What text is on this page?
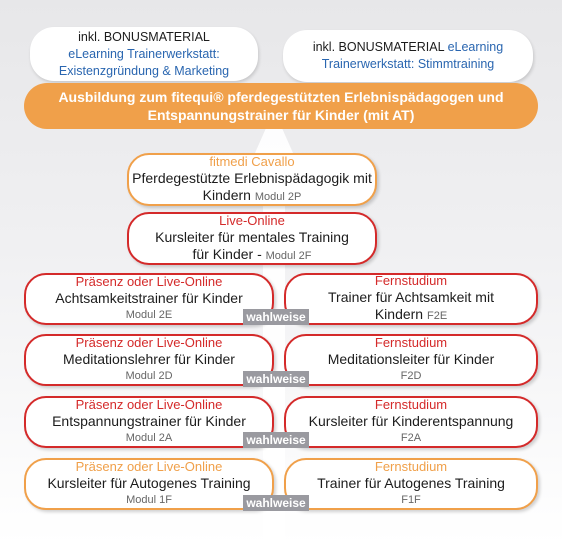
inkl. BONUSMATERIAL
eLearning Trainerwerkstatt:
Existenzgründung & Marketing
inkl. BONUSMATERIAL eLearning
Trainerwerkstatt: Stimmtraining
Ausbildung zum fitequi® pferdegestützten Erlebnispädagogen und
Entspannungstrainer für Kinder (mit AT)
fitmedi Cavallo
Pferdegestützte Erlebnispädagogik mit
Kindern Modul 2P
Live-Online
Kursleiter für mentales Training
für Kinder - Modul 2F
Präsenz oder Live-Online
Achtsamkeitstrainer für Kinder
Modul 2E
Fernstudium
Trainer für Achtsamkeit mit
Kindern F2E
wahlweise
Präsenz oder Live-Online
Meditationslehrer für Kinder
Modul 2D
Fernstudium
Meditationsleiter für Kinder
F2D
wahlweise
Präsenz oder Live-Online
Entspannungstrainer für Kinder
Modul 2A
Fernstudium
Kursleiter für Kinderentspannung
F2A
wahlweise
Präsenz oder Live-Online
Kursleiter für Autogenes Training
Modul 1F
Fernstudium
Trainer für Autogenes Training
F1F
wahlweise
